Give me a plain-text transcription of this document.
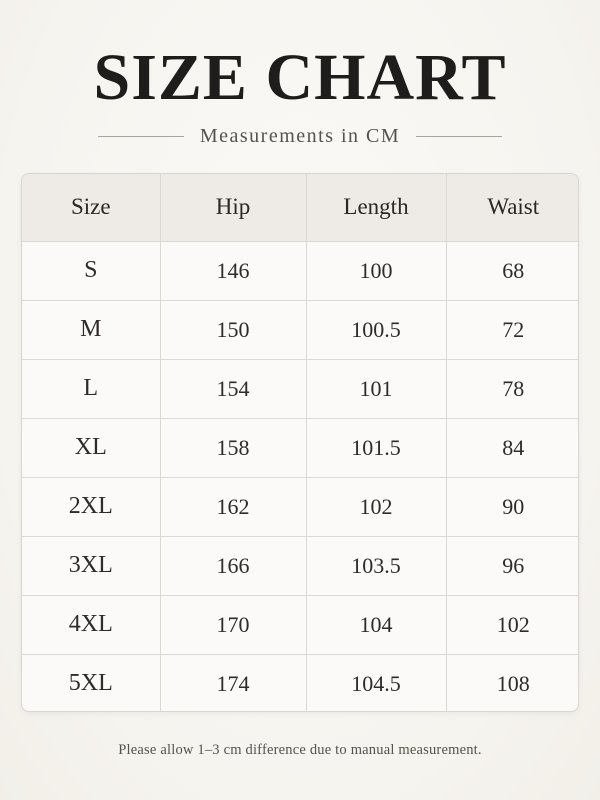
SIZE CHART
Measurements in CM
Size	Hip	Length	Waist
S	146	100	68
M	150	100.5	72
L	154	101	78
XL	158	101.5	84
2XL	162	102	90
3XL	166	103.5	96
4XL	170	104	102
5XL	174	104.5	108

Please allow 1–3 cm difference due to manual measurement.
